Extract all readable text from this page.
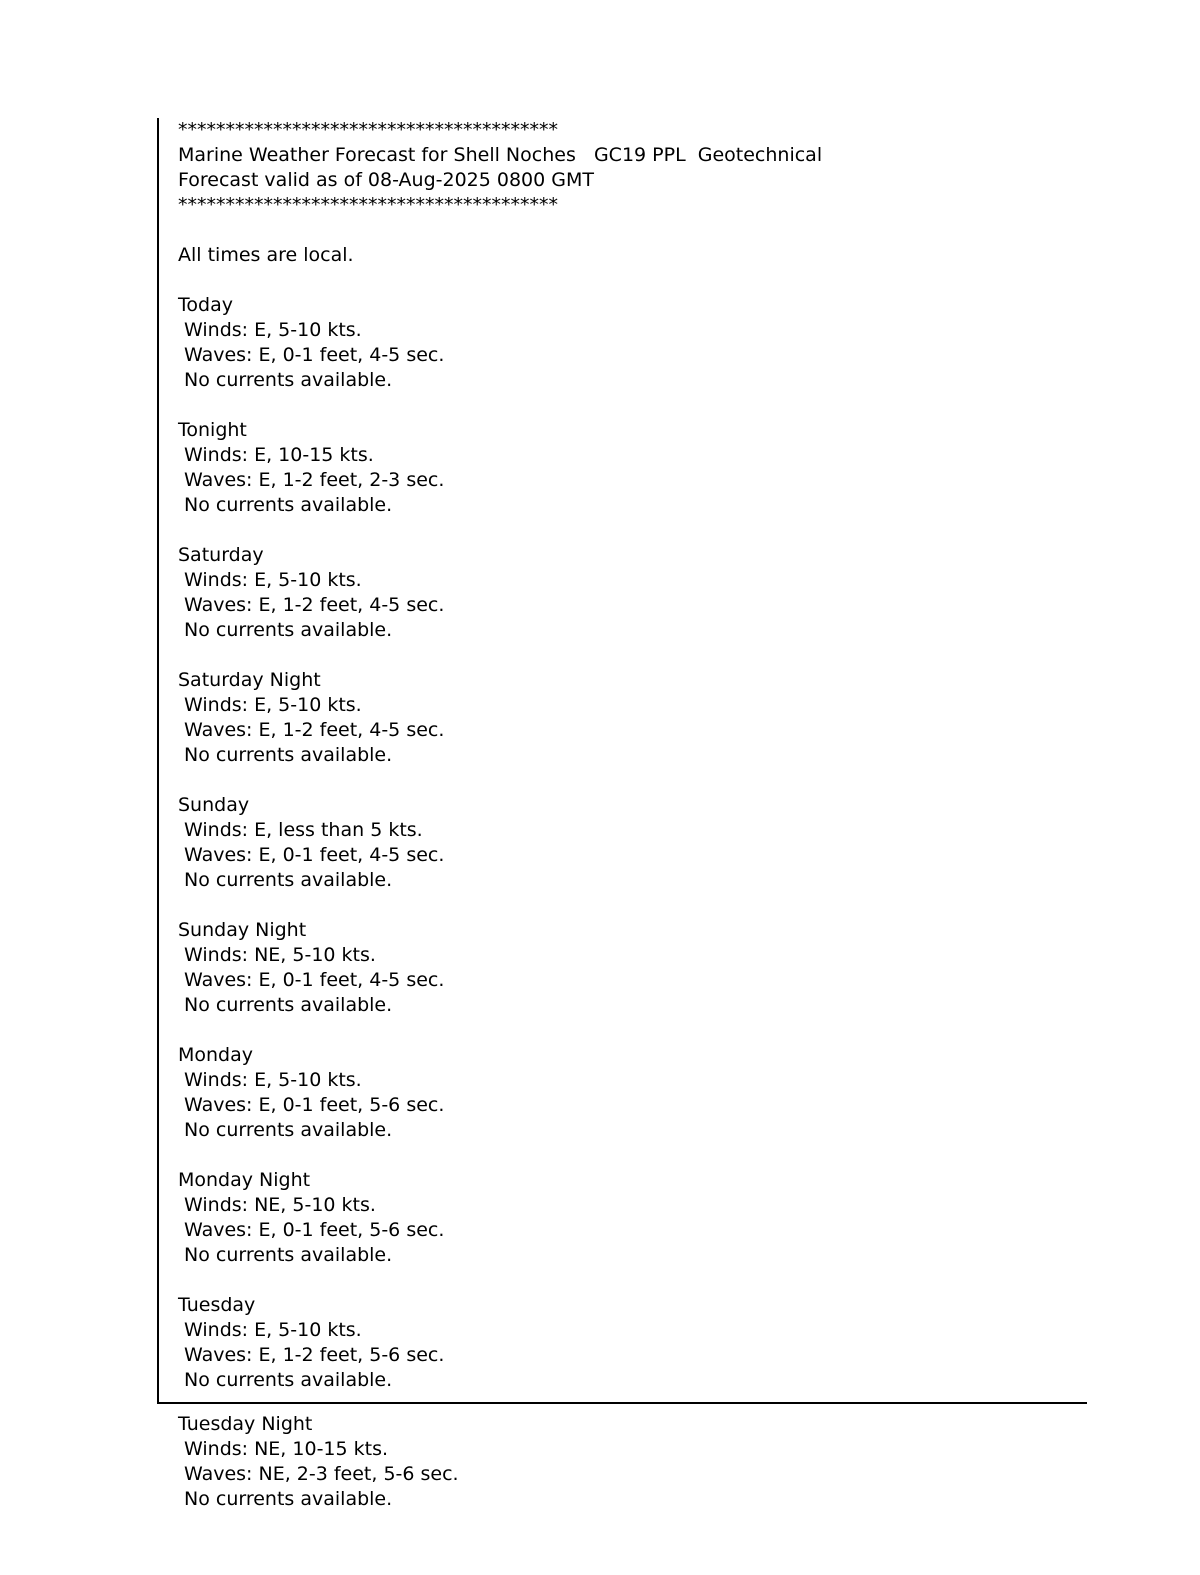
****************************************
Marine Weather Forecast for Shell Noches   GC19 PPL  Geotechnical
Forecast valid as of 08-Aug-2025 0800 GMT
****************************************
All times are local.
Today
Winds: E, 5-10 kts.
Waves: E, 0-1 feet, 4-5 sec.
No currents available.
Tonight
Winds: E, 10-15 kts.
Waves: E, 1-2 feet, 2-3 sec.
No currents available.
Saturday
Winds: E, 5-10 kts.
Waves: E, 1-2 feet, 4-5 sec.
No currents available.
Saturday Night
Winds: E, 5-10 kts.
Waves: E, 1-2 feet, 4-5 sec.
No currents available.
Sunday
Winds: E, less than 5 kts.
Waves: E, 0-1 feet, 4-5 sec.
No currents available.
Sunday Night
Winds: NE, 5-10 kts.
Waves: E, 0-1 feet, 4-5 sec.
No currents available.
Monday
Winds: E, 5-10 kts.
Waves: E, 0-1 feet, 5-6 sec.
No currents available.
Monday Night
Winds: NE, 5-10 kts.
Waves: E, 0-1 feet, 5-6 sec.
No currents available.
Tuesday
Winds: E, 5-10 kts.
Waves: E, 1-2 feet, 5-6 sec.
No currents available.
Tuesday Night
Winds: NE, 10-15 kts.
Waves: NE, 2-3 feet, 5-6 sec.
No currents available.
